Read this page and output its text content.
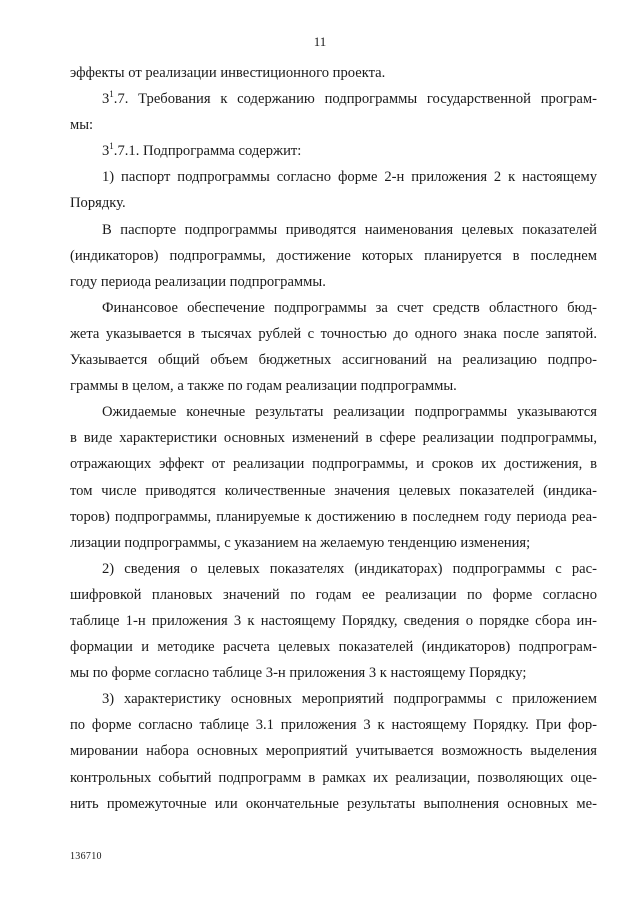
11
эффекты от реализации инвестиционного проекта.
$3^1.7$. Требования к содержанию подпрограммы государственной програм-
мы:
$3^1.7.1$. Подпрограмма содержит:
1) паспорт подпрограммы согласно форме 2-н приложения 2 к настоящему
Порядку.
В паспорте подпрограммы приводятся наименования целевых показателей
(индикаторов) подпрограммы, достижение которых планируется в последнем
году периода реализации подпрограммы.
Финансовое обеспечение подпрограммы за счет средств областного бюд-
жета указывается в тысячах рублей с точностью до одного знака после запятой.
Указывается общий объем бюджетных ассигнований на реализацию подпро-
граммы в целом, а также по годам реализации подпрограммы.
Ожидаемые конечные результаты реализации подпрограммы указываются
в виде характеристики основных изменений в сфере реализации подпрограммы,
отражающих эффект от реализации подпрограммы, и сроков их достижения, в
том числе приводятся количественные значения целевых показателей (индика-
торов) подпрограммы, планируемые к достижению в последнем году периода реа-
лизации подпрограммы, с указанием на желаемую тенденцию изменения;
2) сведения о целевых показателях (индикаторах) подпрограммы с рас-
шифровкой плановых значений по годам ее реализации по форме согласно
таблице 1-н приложения 3 к настоящему Порядку, сведения о порядке сбора ин-
формации и методике расчета целевых показателей (индикаторов) подпрограм-
мы по форме согласно таблице 3-н приложения 3 к настоящему Порядку;
3) характеристику основных мероприятий подпрограммы с приложением
по форме согласно таблице 3.1 приложения 3 к настоящему Порядку. При фор-
мировании набора основных мероприятий учитывается возможность выделения
контрольных событий подпрограмм в рамках их реализации, позволяющих оце-
нить промежуточные или окончательные результаты выполнения основных ме-
136710
